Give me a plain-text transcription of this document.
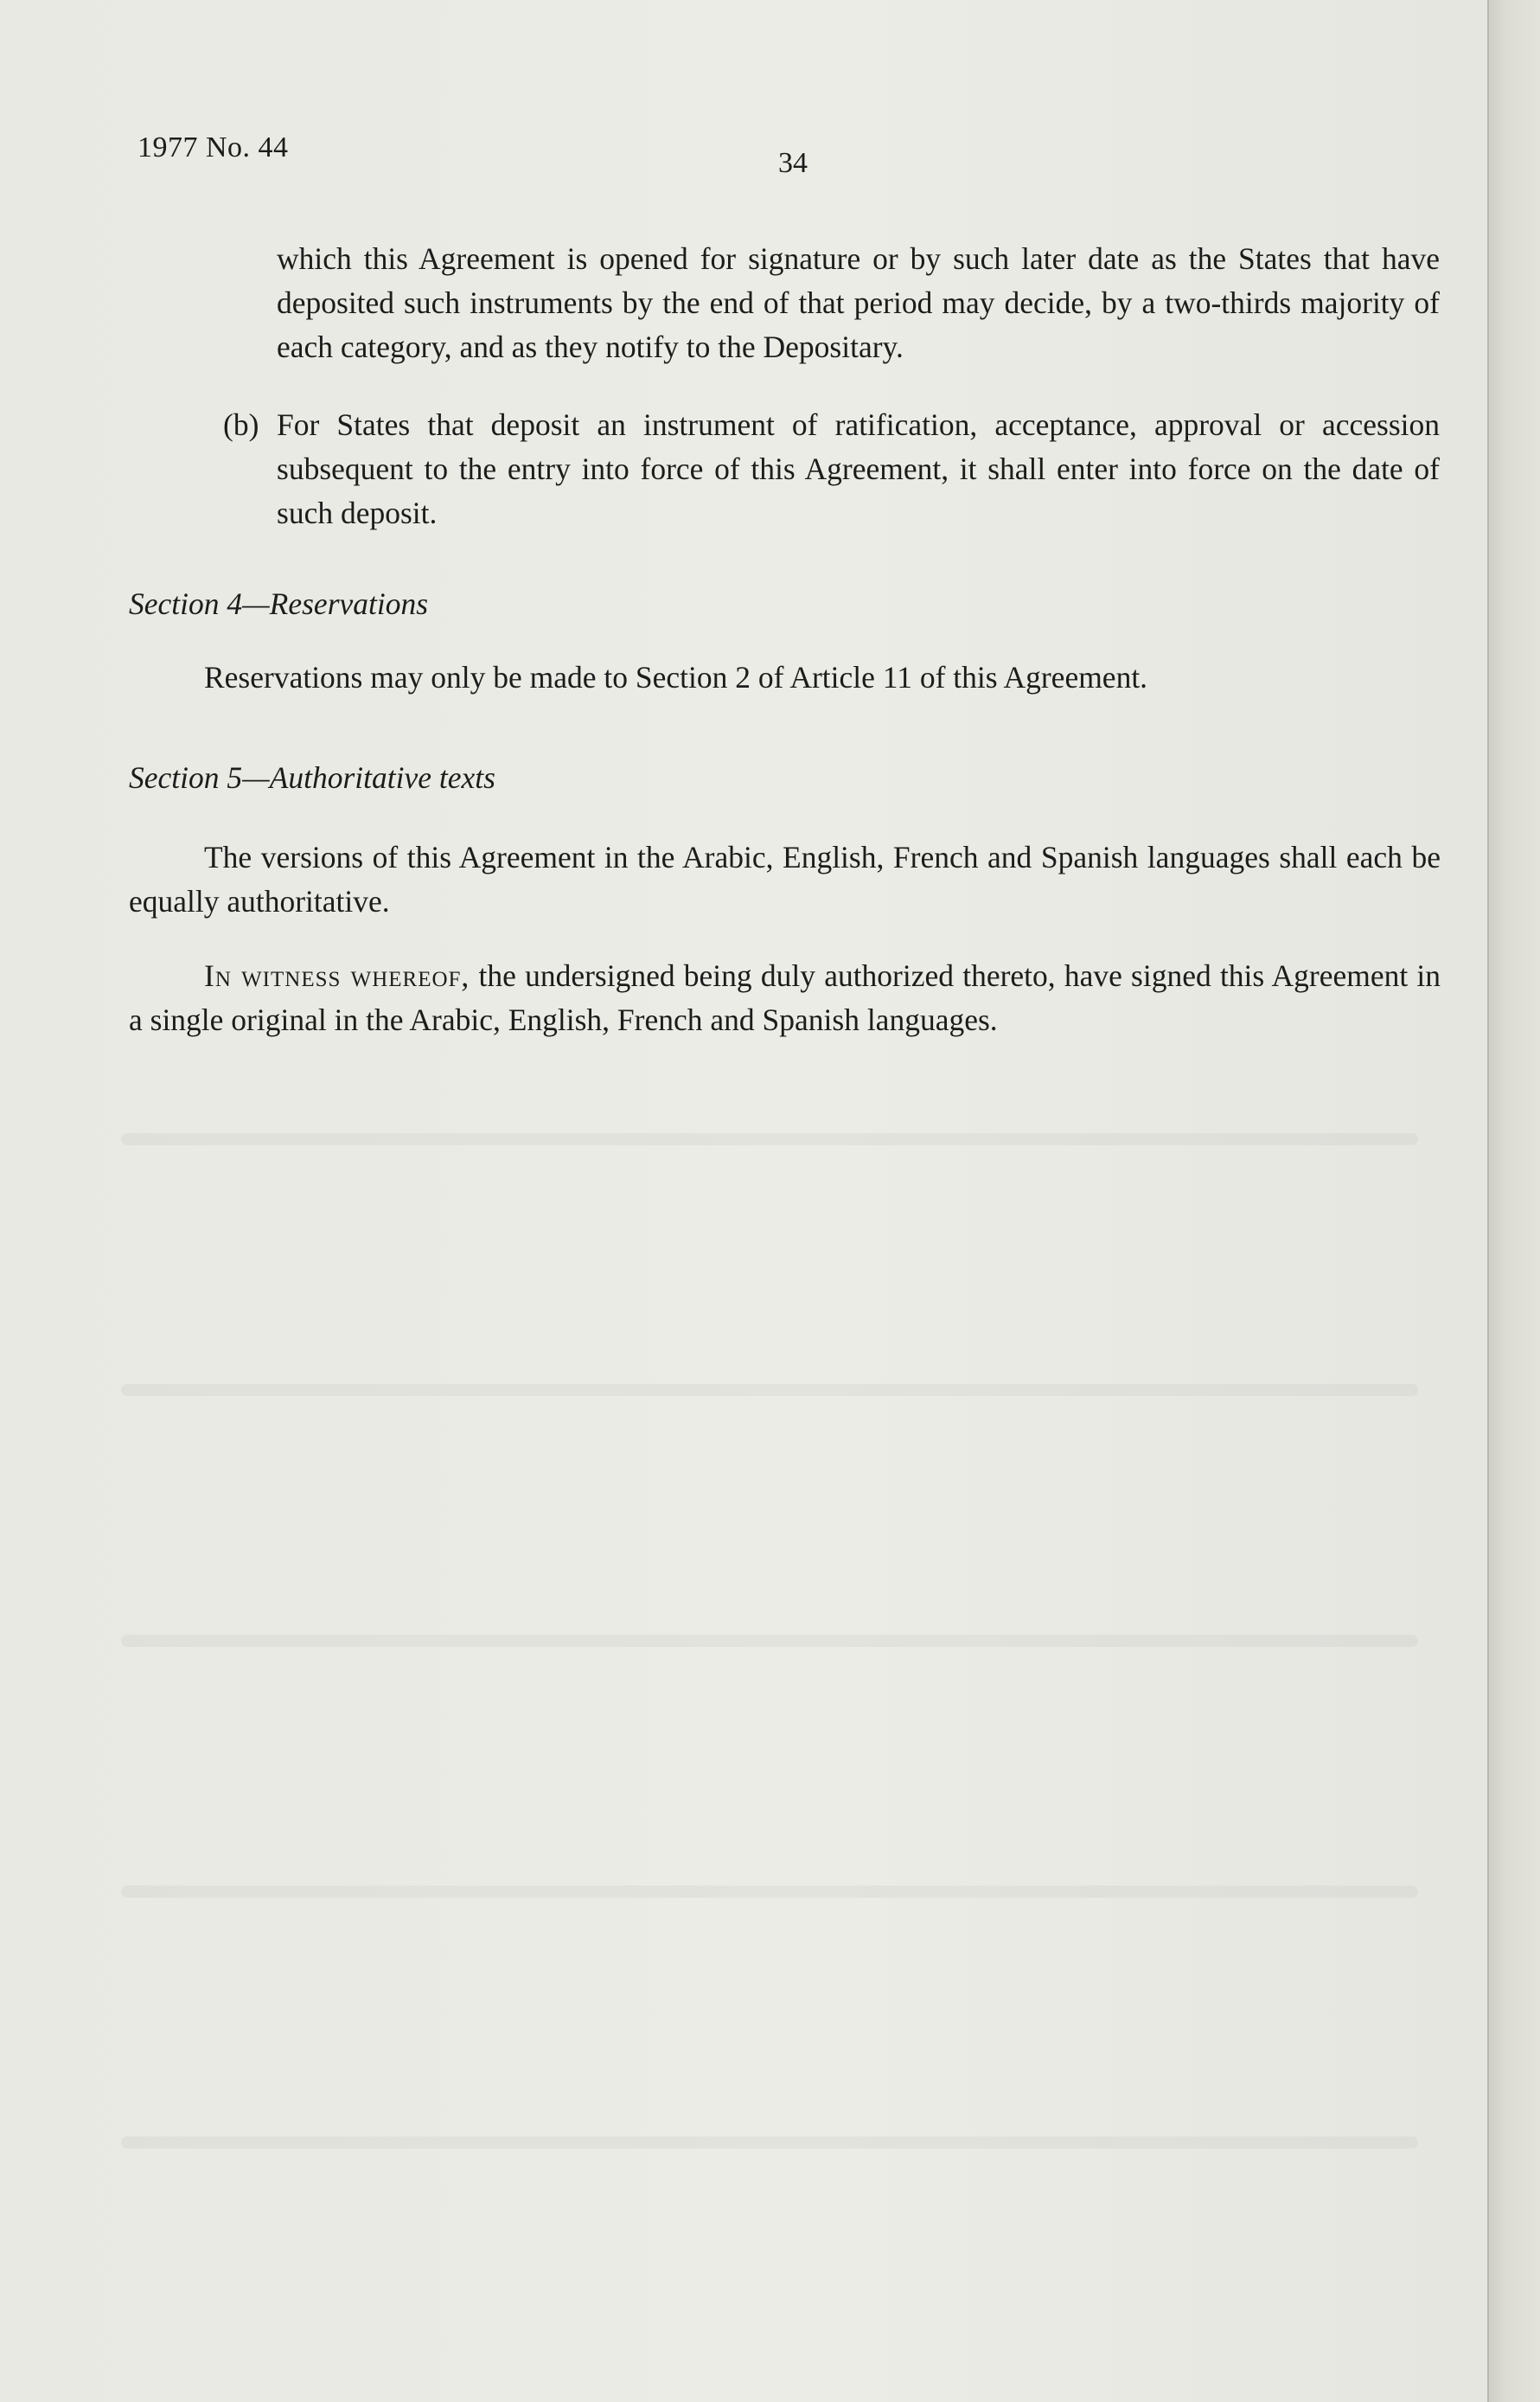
1977 No. 44	34

which this Agreement is opened for signature or by such later date as the States that have deposited such instruments by the end of that period may decide, by a two-thirds majority of each category, and as they notify to the Depositary.

(b) For States that deposit an instrument of ratification, acceptance, approval or accession subsequent to the entry into force of this Agreement, it shall enter into force on the date of such deposit.

Section 4—Reservations

Reservations may only be made to Section 2 of Article 11 of this Agreement.

Section 5—Authoritative texts

The versions of this Agreement in the Arabic, English, French and Spanish languages shall each be equally authoritative.

In witness whereof, the undersigned being duly authorized thereto, have signed this Agreement in a single original in the Arabic, English, French and Spanish languages.
